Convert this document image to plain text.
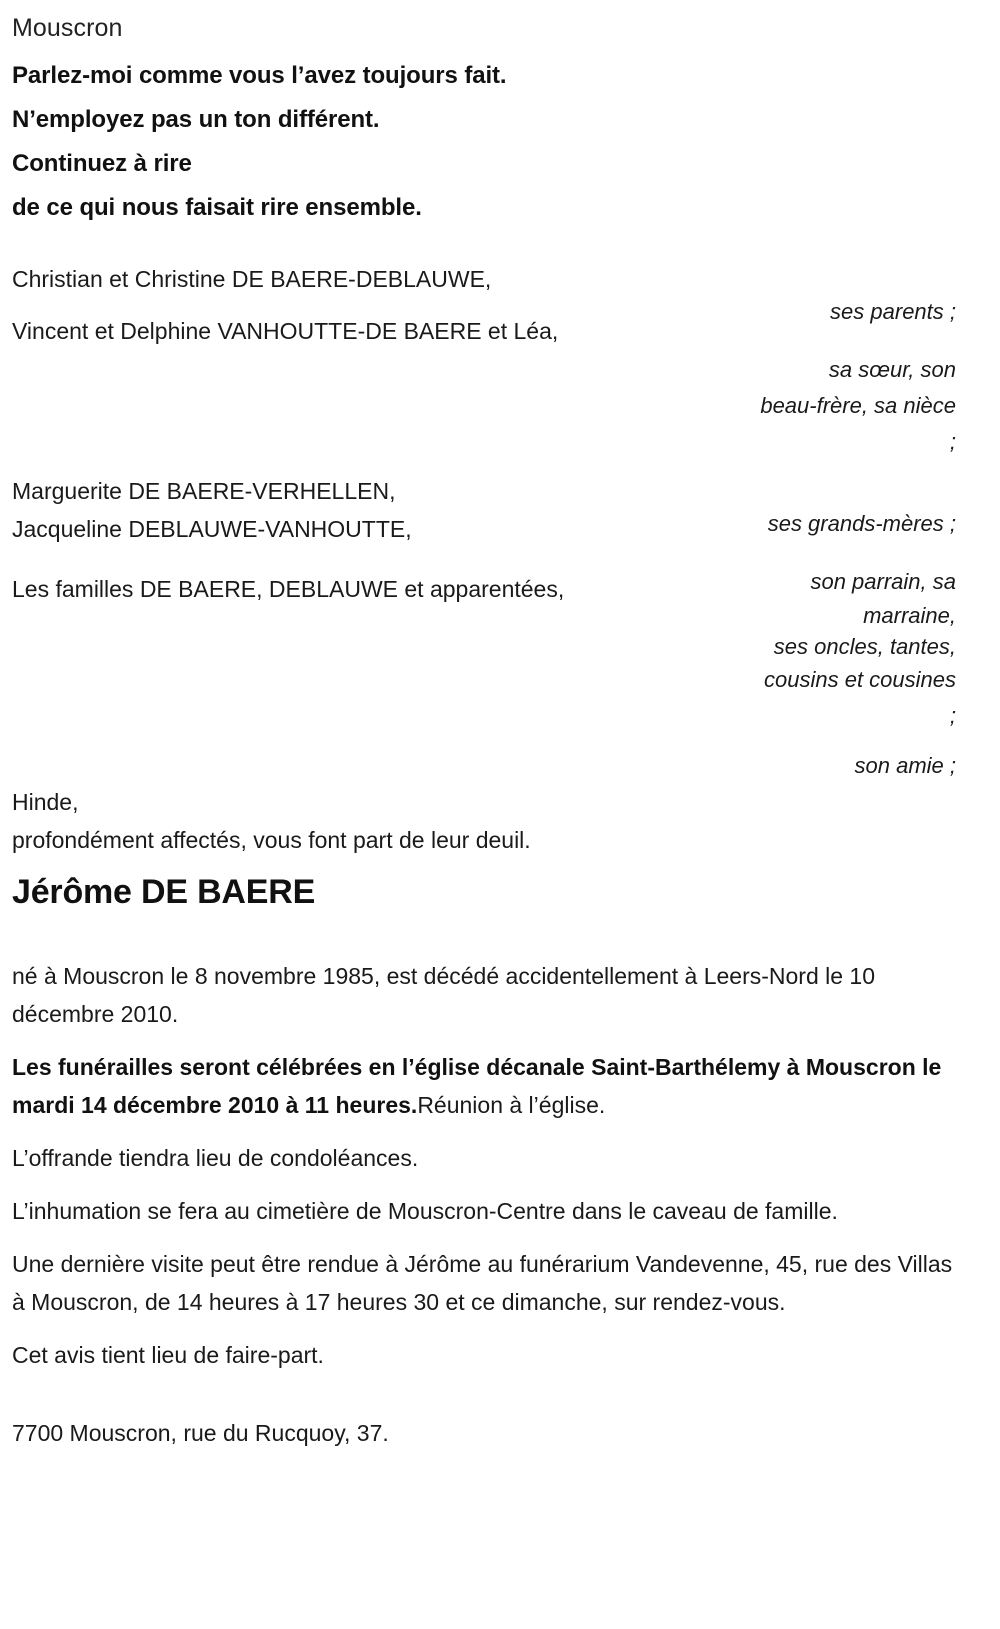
Mouscron
Parlez-moi comme vous l’avez toujours fait.
N’employez pas un ton différent.
Continuez à rire
de ce qui nous faisait rire ensemble.
Christian et Christine DE BAERE-DEBLAUWE,
Vincent et Delphine VANHOUTTE-DE BAERE et Léa,
Marguerite DE BAERE-VERHELLEN,
Jacqueline DEBLAUWE-VANHOUTTE,
Les familles DE BAERE, DEBLAUWE et apparentées,
Hinde,
ses parents ;
sa sœur, son
beau-frère, sa nièce
;
ses grands-mères ;
son parrain, sa
marraine,
ses oncles, tantes,
cousins et cousines
;
son amie ;
profondément affectés, vous font part de leur deuil.
Jérôme DE BAERE

né à Mouscron le 8 novembre 1985, est décédé accidentellement à Leers-Nord le 10 décembre 2010.

Les funérailles seront célébrées en l’église décanale Saint-Barthélemy à Mouscron le mardi 14 décembre 2010 à 11 heures.Réunion à l’église.

L’offrande tiendra lieu de condoléances.

L’inhumation se fera au cimetière de Mouscron-Centre dans le caveau de famille.

Une dernière visite peut être rendue à Jérôme au funérarium Vandevenne, 45, rue des Villas à Mouscron, de 14 heures à 17 heures 30 et ce dimanche, sur rendez-vous.

Cet avis tient lieu de faire-part.

7700 Mouscron, rue du Rucquoy, 37.
